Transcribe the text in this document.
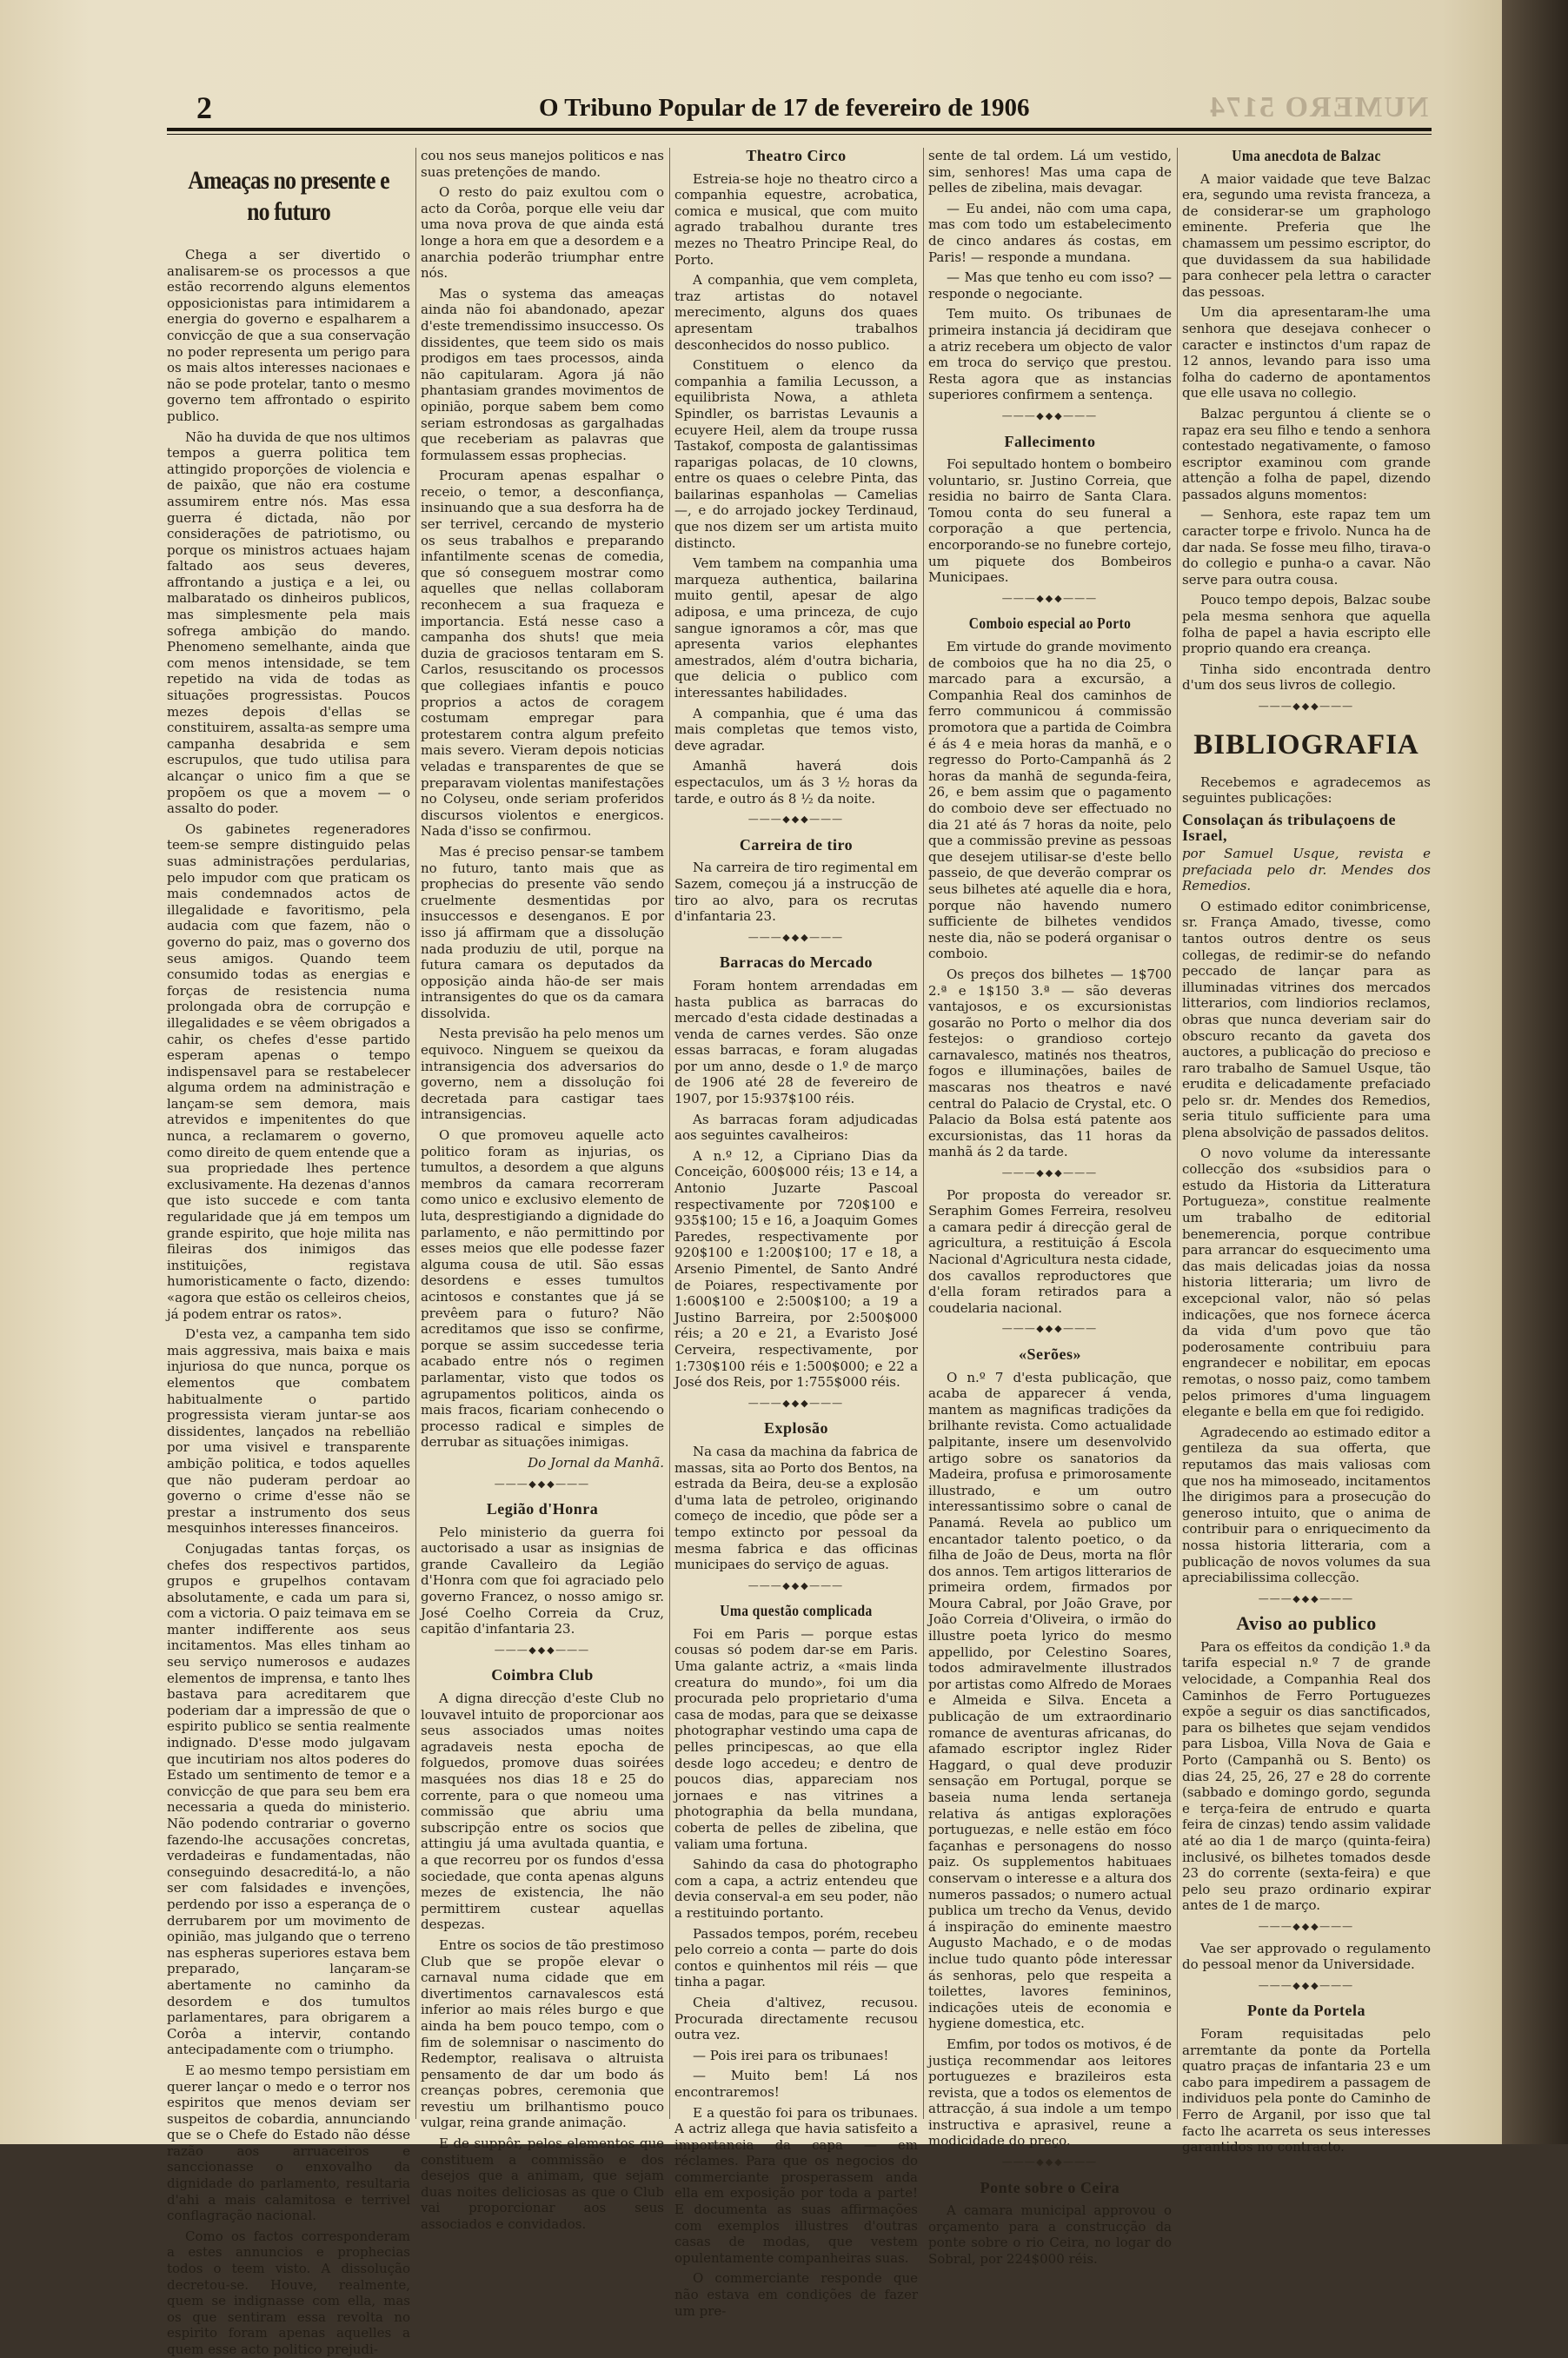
2	O Tribuno Popular de 17 de fevereiro de 1906	NUMERO 5174
Ameaças no presente e no futuro

Chega a ser divertido o analisarem-se os processos a que estão recorrendo alguns elementos opposicionistas para intimidarem a energia do governo e espalharem a convicção de que a sua conservação no poder representa um perigo para os mais altos interesses nacionaes e não se pode protelar, tanto o mesmo governo tem affrontado o espirito publico.

Não ha duvida de que nos ultimos tempos a guerra politica tem attingido proporções de violencia e de paixão, que não era costume assumirem entre nós. Mas essa guerra é dictada, não por considerações de patriotismo, ou porque os ministros actuaes hajam faltado aos seus deveres, affrontando a justiça e a lei, ou malbaratado os dinheiros publicos, mas simplesmente pela mais sofrega ambição do mando. Phenomeno semelhante, ainda que com menos intensidade, se tem repetido na vida de todas as situações progressistas. Poucos mezes depois d'ellas se constituirem, assalta-as sempre uma campanha desabrida e sem escrupulos, que tudo utilisa para alcançar o unico fim a que se propõem os que a movem — o assalto do poder.

Os gabinetes regeneradores teem-se sempre distinguido pelas suas administrações perdularias, pelo impudor com que praticam os mais condemnados actos de illegalidade e favoritismo, pela audacia com que fazem, não o governo do paiz, mas o governo dos seus amigos. Quando teem consumido todas as energias e forças de resistencia numa prolongada obra de corrupção e illegalidades e se vêem obrigados a cahir, os chefes d'esse partido esperam apenas o tempo indispensavel para se restabelecer alguma ordem na administração e lançam-se sem demora, mais atrevidos e impenitentes do que nunca, a reclamarem o governo, como direito de quem entende que a sua propriedade lhes pertence exclusivamente. Ha dezenas d'annos que isto succede e com tanta regularidade que já em tempos um grande espirito, que hoje milita nas fileiras dos inimigos das instituições, registava humoristicamente o facto, dizendo: «agora que estão os celleiros cheios, já podem entrar os ratos».

D'esta vez, a campanha tem sido mais aggressiva, mais baixa e mais injuriosa do que nunca, porque os elementos que combatem habitualmente o partido progressista vieram juntar-se aos dissidentes, lançados na rebellião por uma visivel e transparente ambição politica, e todos aquelles que não puderam perdoar ao governo o crime d'esse não se prestar a instrumento dos seus mesquinhos interesses financeiros.

Conjugadas tantas forças, os chefes dos respectivos partidos, grupos e grupelhos contavam absolutamente, e cada um para si, com a victoria. O paiz teimava em se manter indifferente aos seus incitamentos. Mas elles tinham ao seu serviço numerosos e audazes elementos de imprensa, e tanto lhes bastava para acreditarem que poderiam dar a impressão de que o espirito publico se sentia realmente indignado. D'esse modo julgavam que incutiriam nos altos poderes do Estado um sentimento de temor e a convicção de que para seu bem era necessaria a queda do ministerio. Não podendo contrariar o governo fazendo-lhe accusações concretas, verdadeiras e fundamentadas, não conseguindo desacreditá-lo, a não ser com falsidades e invenções, perdendo por isso a esperança de o derrubarem por um movimento de opinião, mas julgando que o terreno nas espheras superiores estava bem preparado, lançaram-se abertamente no caminho da desordem e dos tumultos parlamentares, para obrigarem a Corôa a intervir, contando antecipadamente com o triumpho.

E ao mesmo tempo persistiam em querer lançar o medo e o terror nos espiritos que menos deviam ser suspeitos de cobardia, annunciando que se o Chefe do Estado não désse razão aos arruaceiros e sanccionasse o enxovalho da dignidade do parlamento, resultaria d'ahi a mais calamitosa e terrivel conflagração nacional.

Como os factos corresponderam a estes annuncios e prophecias todos o teem visto. A dissolução decretou-se. Houve, realmente, quem se indignasse com ella, mas os que sentiram essa revolta no espirito foram apenas aquelles a quem esse acto politico prejudi-

cou nos seus manejos politicos e nas suas pretenções de mando.

O resto do paiz exultou com o acto da Corôa, porque elle veiu dar uma nova prova de que ainda está longe a hora em que a desordem e a anarchia poderão triumphar entre nós.

Mas o systema das ameaças ainda não foi abandonado, apezar d'este tremendissimo insuccesso. Os dissidentes, que teem sido os mais prodigos em taes processos, ainda não capitularam. Agora já não phantasiam grandes movimentos de opinião, porque sabem bem como seriam estrondosas as gargalhadas que receberiam as palavras que formulassem essas prophecias.

Procuram apenas espalhar o receio, o temor, a desconfiança, insinuando que a sua desforra ha de ser terrivel, cercando de mysterio os seus trabalhos e preparando infantilmente scenas de comedia, que só conseguem mostrar como aquelles que nellas collaboram reconhecem a sua fraqueza e importancia. Está nesse caso a campanha dos shuts! que meia duzia de graciosos tentaram em S. Carlos, resuscitando os processos que collegiaes infantis e pouco proprios a actos de coragem costumam empregar para protestarem contra algum prefeito mais severo. Vieram depois noticias veladas e transparentes de que se preparavam violentas manifestações no Colyseu, onde seriam proferidos discursos violentos e energicos. Nada d'isso se confirmou.

Mas é preciso pensar-se tambem no futuro, tanto mais que as prophecias do presente vão sendo cruelmente desmentidas por insuccessos e desenganos. E por isso já affirmam que a dissolução nada produziu de util, porque na futura camara os deputados da opposição ainda hão-de ser mais intransigentes do que os da camara dissolvida.

Nesta previsão ha pelo menos um equivoco. Ninguem se queixou da intransigencia dos adversarios do governo, nem a dissolução foi decretada para castigar taes intransigencias.

O que promoveu aquelle acto politico foram as injurias, os tumultos, a desordem a que alguns membros da camara recorreram como unico e exclusivo elemento de luta, desprestigiando a dignidade do parlamento, e não permittindo por esses meios que elle podesse fazer alguma cousa de util. São essas desordens e esses tumultos acintosos e constantes que já se prevêem para o futuro? Não acreditamos que isso se confirme, porque se assim succedesse teria acabado entre nós o regimen parlamentar, visto que todos os agrupamentos politicos, ainda os mais fracos, ficariam conhecendo o processo radical e simples de derrubar as situações inimigas.

Do Jornal da Manhã.

―――◆◆◆―――
Legião d'Honra

Pelo ministerio da guerra foi auctorisado a usar as insignias de grande Cavalleiro da Legião d'Honra com que foi agraciado pelo governo Francez, o nosso amigo sr. José Coelho Correia da Cruz, capitão d'infantaria 23.

―――◆◆◆―――
Coimbra Club

A digna direcção d'este Club no louvavel intuito de proporcionar aos seus associados umas noites agradaveis nesta epocha de folguedos, promove duas soirées masquées nos dias 18 e 25 do corrente, para o que nomeou uma commissão que abriu uma subscripção entre os socios que attingiu já uma avultada quantia, e a que recorreu por os fundos d'essa sociedade, que conta apenas alguns mezes de existencia, lhe não permittirem custear aquellas despezas.

Entre os socios de tão prestimoso Club que se propõe elevar o carnaval numa cidade que em divertimentos carnavalescos está inferior ao mais réles burgo e que ainda ha bem pouco tempo, com o fim de solemnisar o nascimento do Redemptor, realisava o altruista pensamento de dar um bodo ás creanças pobres, ceremonia que revestiu um brilhantismo pouco vulgar, reina grande animação.

E de suppôr, pelos elementos que constituem a commissão e dos desejos que a animam, que sejam duas noites deliciosas as que o Club vai proporcionar aos seus associados e convidados.

Theatro Circo

Estreia-se hoje no theatro circo a companhia equestre, acrobatica, comica e musical, que com muito agrado trabalhou durante tres mezes no Theatro Principe Real, do Porto.

A companhia, que vem completa, traz artistas do notavel merecimento, alguns dos quaes apresentam trabalhos desconhecidos do nosso publico.

Constituem o elenco da companhia a familia Lecusson, a equilibrista Nowa, a athleta Spindler, os barristas Levaunis a ecuyere Heil, alem da troupe russa Tastakof, composta de galantissimas raparigas polacas, de 10 clowns, entre os quaes o celebre Pinta, das bailarinas espanholas — Camelias —, e do arrojado jockey Terdinaud, que nos dizem ser um artista muito distincto.

Vem tambem na companhia uma marqueza authentica, bailarina muito gentil, apesar de algo adiposa, e uma princeza, de cujo sangue ignoramos a côr, mas que apresenta varios elephantes amestrados, além d'outra bicharia, que delicia o publico com interessantes habilidades.

A companhia, que é uma das mais completas que temos visto, deve agradar.

Amanhã haverá dois espectaculos, um ás 3 ½ horas da tarde, e outro ás 8 ½ da noite.

―――◆◆◆―――
Carreira de tiro

Na carreira de tiro regimental em Sazem, começou já a instrucção de tiro ao alvo, para os recrutas d'infantaria 23.

―――◆◆◆―――
Barracas do Mercado

Foram hontem arrendadas em hasta publica as barracas do mercado d'esta cidade destinadas a venda de carnes verdes. São onze essas barracas, e foram alugadas por um anno, desde o 1.º de março de 1906 até 28 de fevereiro de 1907, por 15:937$100 réis.

As barracas foram adjudicadas aos seguintes cavalheiros:

A n.º 12, a Cipriano Dias da Conceição, 600$000 réis; 13 e 14, a Antonio Juzarte Pascoal respectivamente por 720$100 e 935$100; 15 e 16, a Joaquim Gomes Paredes, respectivamente por 920$100 e 1:200$100; 17 e 18, a Arsenio Pimentel, de Santo André de Poiares, respectivamente por 1:600$100 e 2:500$100; a 19 a Justino Barreira, por 2:500$000 réis; a 20 e 21, a Evaristo José Cerveira, respectivamente, por 1:730$100 réis e 1:500$000; e 22 a José dos Reis, por 1:755$000 réis.

―――◆◆◆―――
Explosão

Na casa da machina da fabrica de massas, sita ao Porto dos Bentos, na estrada da Beira, deu-se a explosão d'uma lata de petroleo, originando começo de incedio, que pôde ser a tempo extincto por pessoal da mesma fabrica e das officinas municipaes do serviço de aguas.

―――◆◆◆―――
Uma questão complicada

Foi em Paris — porque estas cousas só podem dar-se em Paris. Uma galante actriz, a «mais linda creatura do mundo», foi um dia procurada pelo proprietario d'uma casa de modas, para que se deixasse photographar vestindo uma capa de pelles principescas, ao que ella desde logo accedeu; e dentro de poucos dias, appareciam nos jornaes e nas vitrines a photographia da bella mundana, coberta de pelles de zibelina, que valiam uma fortuna.

Sahindo da casa do photographo com a capa, a actriz entendeu que devia conserval-a em seu poder, não a restituindo portanto.

Passados tempos, porém, recebeu pelo correio a conta — parte do dois contos e quinhentos mil réis — que tinha a pagar.

Cheia d'altivez, recusou. Procurada directamente recusou outra vez.

— Pois irei para os tribunaes!

— Muito bem! Lá nos encontraremos!

E a questão foi para os tribunaes. A actriz allega que havia satisfeito a importancia da capa — em réclames. Para que os negocios do commerciante prosperassem anda ella em exposição por toda a parte! E documenta as suas affirmações com exemplos illustres d'outras casas de modas, que vestem opulentamente companheiras suas.

O commerciante responde que não estava em condições de fazer um pre-

sente de tal ordem. Lá um vestido, sim, senhores! Mas uma capa de pelles de zibelina, mais devagar.

— Eu andei, não com uma capa, mas com todo um estabelecimento de cinco andares ás costas, em Paris! — responde a mundana.

— Mas que tenho eu com isso? — responde o negociante.

Tem muito. Os tribunaes de primeira instancia já decidiram que a atriz recebera um objecto de valor em troca do serviço que prestou. Resta agora que as instancias superiores confirmem a sentença.

―――◆◆◆―――
Fallecimento

Foi sepultado hontem o bombeiro voluntario, sr. Justino Correia, que residia no bairro de Santa Clara. Tomou conta do seu funeral a corporação a que pertencia, encorporando-se no funebre cortejo, um piquete dos Bombeiros Municipaes.

―――◆◆◆―――
Comboio especial ao Porto

Em virtude do grande movimento de comboios que ha no dia 25, o marcado para a excursão, a Companhia Real dos caminhos de ferro communicou á commissão promotora que a partida de Coimbra é ás 4 e meia horas da manhã, e o regresso do Porto-Campanhã ás 2 horas da manhã de segunda-feira, 26, e bem assim que o pagamento do comboio deve ser effectuado no dia 21 até ás 7 horas da noite, pelo que a commissão previne as pessoas que desejem utilisar-se d'este bello passeio, de que deverão comprar os seus bilhetes até aquelle dia e hora, porque não havendo numero sufficiente de bilhetes vendidos neste dia, não se poderá organisar o comboio.

Os preços dos bilhetes — 1$700 2.ª e 1$150 3.ª — são deveras vantajosos, e os excursionistas gosarão no Porto o melhor dia dos festejos: o grandioso cortejo carnavalesco, matinés nos theatros, fogos e illuminações, bailes de mascaras nos theatros e navé central do Palacio de Crystal, etc. O Palacio da Bolsa está patente aos excursionistas, das 11 horas da manhã ás 2 da tarde.

―――◆◆◆―――

Por proposta do vereador sr. Seraphim Gomes Ferreira, resolveu a camara pedir á direcção geral de agricultura, a restituição á Escola Nacional d'Agricultura nesta cidade, dos cavallos reproductores que d'ella foram retirados para a coudelaria nacional.

―――◆◆◆―――
«Serões»

O n.º 7 d'esta publicação, que acaba de apparecer á venda, mantem as magnificas tradições da brilhante revista. Como actualidade palpitante, insere um desenvolvido artigo sobre os sanatorios da Madeira, profusa e primorosamente illustrado, e um outro interessantissimo sobre o canal de Panamá. Revela ao publico um encantador talento poetico, o da filha de João de Deus, morta na flôr dos annos. Tem artigos litterarios de primeira ordem, firmados por Moura Cabral, por João Grave, por João Correia d'Oliveira, o irmão do illustre poeta lyrico do mesmo appellido, por Celestino Soares, todos admiravelmente illustrados por artistas como Alfredo de Moraes e Almeida e Silva. Enceta a publicação de um extraordinario romance de aventuras africanas, do afamado escriptor inglez Rider Haggard, o qual deve produzir sensação em Portugal, porque se baseia numa lenda sertaneja relativa ás antigas explorações portuguezas, e nelle estão em fóco façanhas e personagens do nosso paiz. Os supplementos habituaes conservam o interesse e a altura dos numeros passados; o numero actual publica um trecho da Venus, devido á inspiração do eminente maestro Augusto Machado, e o de modas inclue tudo quanto pôde interessar ás senhoras, pelo que respeita a toilettes, lavores femininos, indicações uteis de economia e hygiene domestica, etc.

Emfim, por todos os motivos, é de justiça recommendar aos leitores portuguezes e brazileiros esta revista, que a todos os elementos de attracção, á sua indole a um tempo instructiva e aprasivel, reune a modicidade do preço.

―――◆◆◆―――
Ponte sobre o Ceira

A camara municipal approvou o orçamento para a construcção da ponte sobre o rio Ceira, no logar do Sobral, por 224$000 réis.

Uma anecdota de Balzac

A maior vaidade que teve Balzac era, segundo uma revista franceza, a de considerar-se um graphologo eminente. Preferia que lhe chamassem um pessimo escriptor, do que duvidassem da sua habilidade para conhecer pela lettra o caracter das pessoas.

Um dia apresentaram-lhe uma senhora que desejava conhecer o caracter e instinctos d'um rapaz de 12 annos, levando para isso uma folha do caderno de apontamentos que elle usava no collegio.

Balzac perguntou á cliente se o rapaz era seu filho e tendo a senhora contestado negativamente, o famoso escriptor examinou com grande attenção a folha de papel, dizendo passados alguns momentos:

— Senhora, este rapaz tem um caracter torpe e frivolo. Nunca ha de dar nada. Se fosse meu filho, tirava-o do collegio e punha-o a cavar. Não serve para outra cousa.

Pouco tempo depois, Balzac soube pela mesma senhora que aquella folha de papel a havia escripto elle proprio quando era creança.

Tinha sido encontrada dentro d'um dos seus livros de collegio.

―――◆◆◆―――
BIBLIOGRAFIA

Recebemos e agradecemos as seguintes publicações:

Consolaçan ás tribulaçoens de Israel,

por Samuel Usque, revista e prefaciada pelo dr. Mendes dos Remedios.

O estimado editor conimbricense, sr. França Amado, tivesse, como tantos outros dentre os seus collegas, de redimir-se do nefando peccado de lançar para as illuminadas vitrines dos mercados litterarios, com lindiorios reclamos, obras que nunca deveriam sair do obscuro recanto da gaveta dos auctores, a publicação do precioso e raro trabalho de Samuel Usque, tão erudita e delicadamente prefaciado pelo sr. dr. Mendes dos Remedios, seria titulo sufficiente para uma plena absolvição de passados delitos.

O novo volume da interessante collecção dos «subsidios para o estudo da Historia da Litteratura Portugueza», constitue realmente um trabalho de editorial benemerencia, porque contribue para arrancar do esquecimento uma das mais delicadas joias da nossa historia litteraria; um livro de excepcional valor, não só pelas indicações, que nos fornece ácerca da vida d'um povo que tão poderosamente contribuiu para engrandecer e nobilitar, em epocas remotas, o nosso paiz, como tambem pelos primores d'uma linguagem elegante e bella em que foi redigido.

Agradecendo ao estimado editor a gentileza da sua offerta, que reputamos das mais valiosas com que nos ha mimoseado, incitamentos lhe dirigimos para a prosecução do generoso intuito, que o anima de contribuir para o enriquecimento da nossa historia litteraria, com a publicação de novos volumes da sua apreciabilissima collecção.

―――◆◆◆―――
Aviso ao publico

Para os effeitos da condição 1.ª da tarifa especial n.º 7 de grande velocidade, a Companhia Real dos Caminhos de Ferro Portuguezes expõe a seguir os dias sanctificados, para os bilhetes que sejam vendidos para Lisboa, Villa Nova de Gaia e Porto (Campanhã ou S. Bento) os dias 24, 25, 26, 27 e 28 do corrente (sabbado e domingo gordo, segunda e terça-feira de entrudo e quarta feira de cinzas) tendo assim validade até ao dia 1 de março (quinta-feira) inclusivé, os bilhetes tomados desde 23 do corrente (sexta-feira) e que pelo seu prazo ordinario expirar antes de 1 de março.

―――◆◆◆―――

Vae ser approvado o regulamento do pessoal menor da Universidade.

―――◆◆◆―――
Ponte da Portela

Foram requisitadas pelo arremtante da ponte da Portella quatro praças de infantaria 23 e um cabo para impedirem a passagem de individuos pela ponte do Caminho de Ferro de Arganil, por isso que tal facto lhe acarreta os seus interesses garantidos no contracto.
